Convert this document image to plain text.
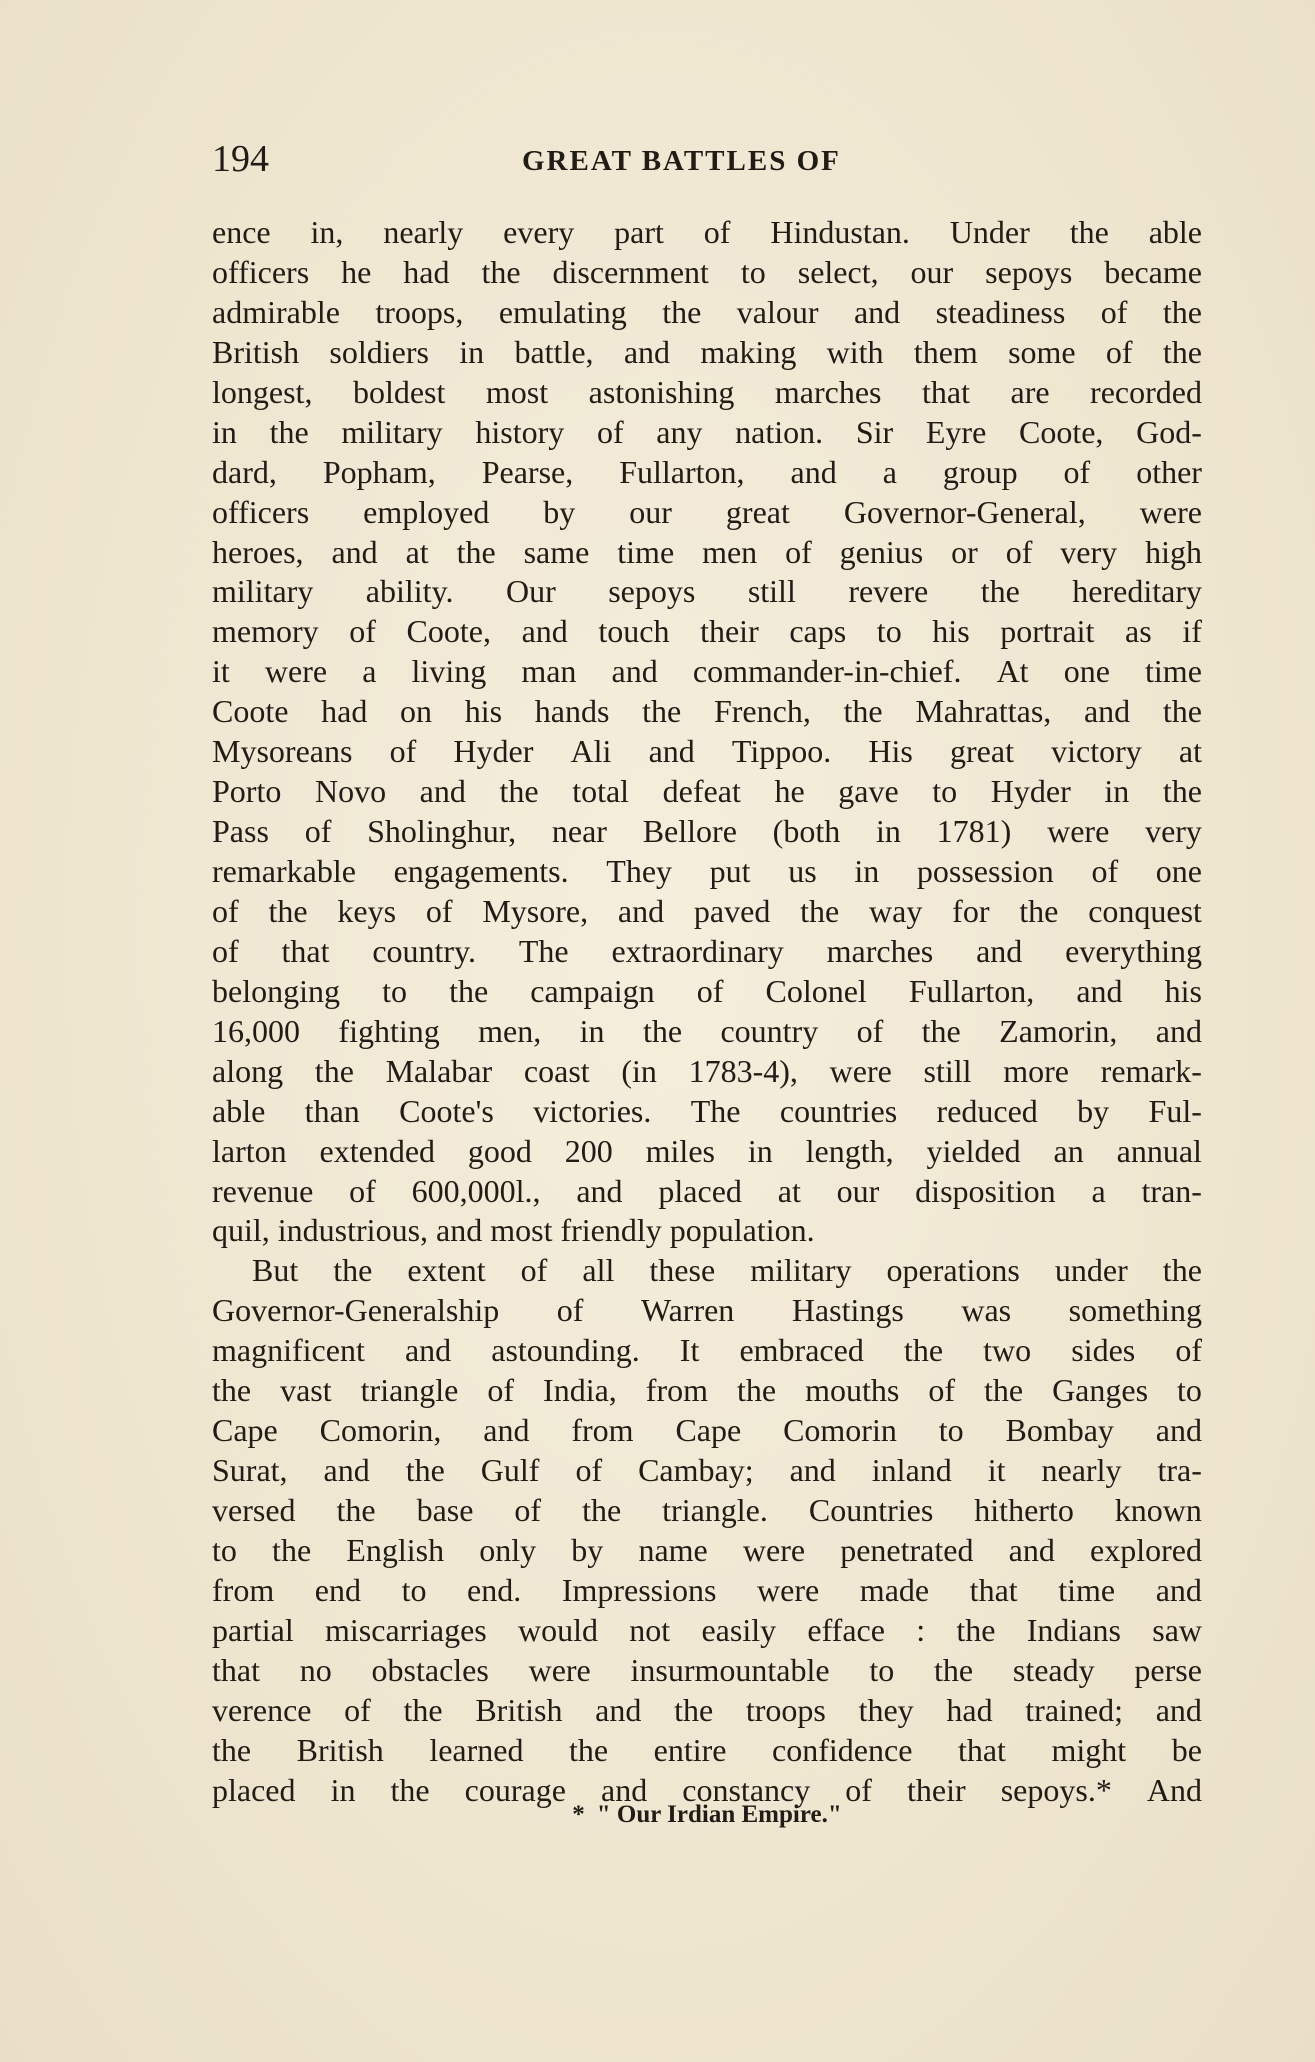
194	GREAT BATTLES OF
ence in, nearly every part of Hindustan. Under the able
officers he had the discernment to select, our sepoys became
admirable troops, emulating the valour and steadiness of the
British soldiers in battle, and making with them some of the
longest, boldest most astonishing marches that are recorded
in the military history of any nation. Sir Eyre Coote, God-
dard, Popham, Pearse, Fullarton, and a group of other
officers employed by our great Governor-General, were
heroes, and at the same time men of genius or of very high
military ability. Our sepoys still revere the hereditary
memory of Coote, and touch their caps to his portrait as if
it were a living man and commander-in-chief. At one time
Coote had on his hands the French, the Mahrattas, and the
Mysoreans of Hyder Ali and Tippoo. His great victory at
Porto Novo and the total defeat he gave to Hyder in the
Pass of Sholinghur, near Bellore (both in 1781) were very
remarkable engagements. They put us in possession of one
of the keys of Mysore, and paved the way for the conquest
of that country. The extraordinary marches and everything
belonging to the campaign of Colonel Fullarton, and his
16,000 fighting men, in the country of the Zamorin, and
along the Malabar coast (in 1783-4), were still more remark-
able than Coote's victories. The countries reduced by Ful-
larton extended good 200 miles in length, yielded an annual
revenue of 600,000l., and placed at our disposition a tran-
quil, industrious, and most friendly population.
But the extent of all these military operations under the
Governor-Generalship of Warren Hastings was something
magnificent and astounding. It embraced the two sides of
the vast triangle of India, from the mouths of the Ganges to
Cape Comorin, and from Cape Comorin to Bombay and
Surat, and the Gulf of Cambay; and inland it nearly tra-
versed the base of the triangle. Countries hitherto known
to the English only by name were penetrated and explored
from end to end. Impressions were made that time and
partial miscarriages would not easily efface : the Indians saw
that no obstacles were insurmountable to the steady perse
verence of the British and the troops they had trained; and
the British learned the entire confidence that might be
placed in the courage and constancy of their sepoys.* And
* " Our Irdian Empire."
